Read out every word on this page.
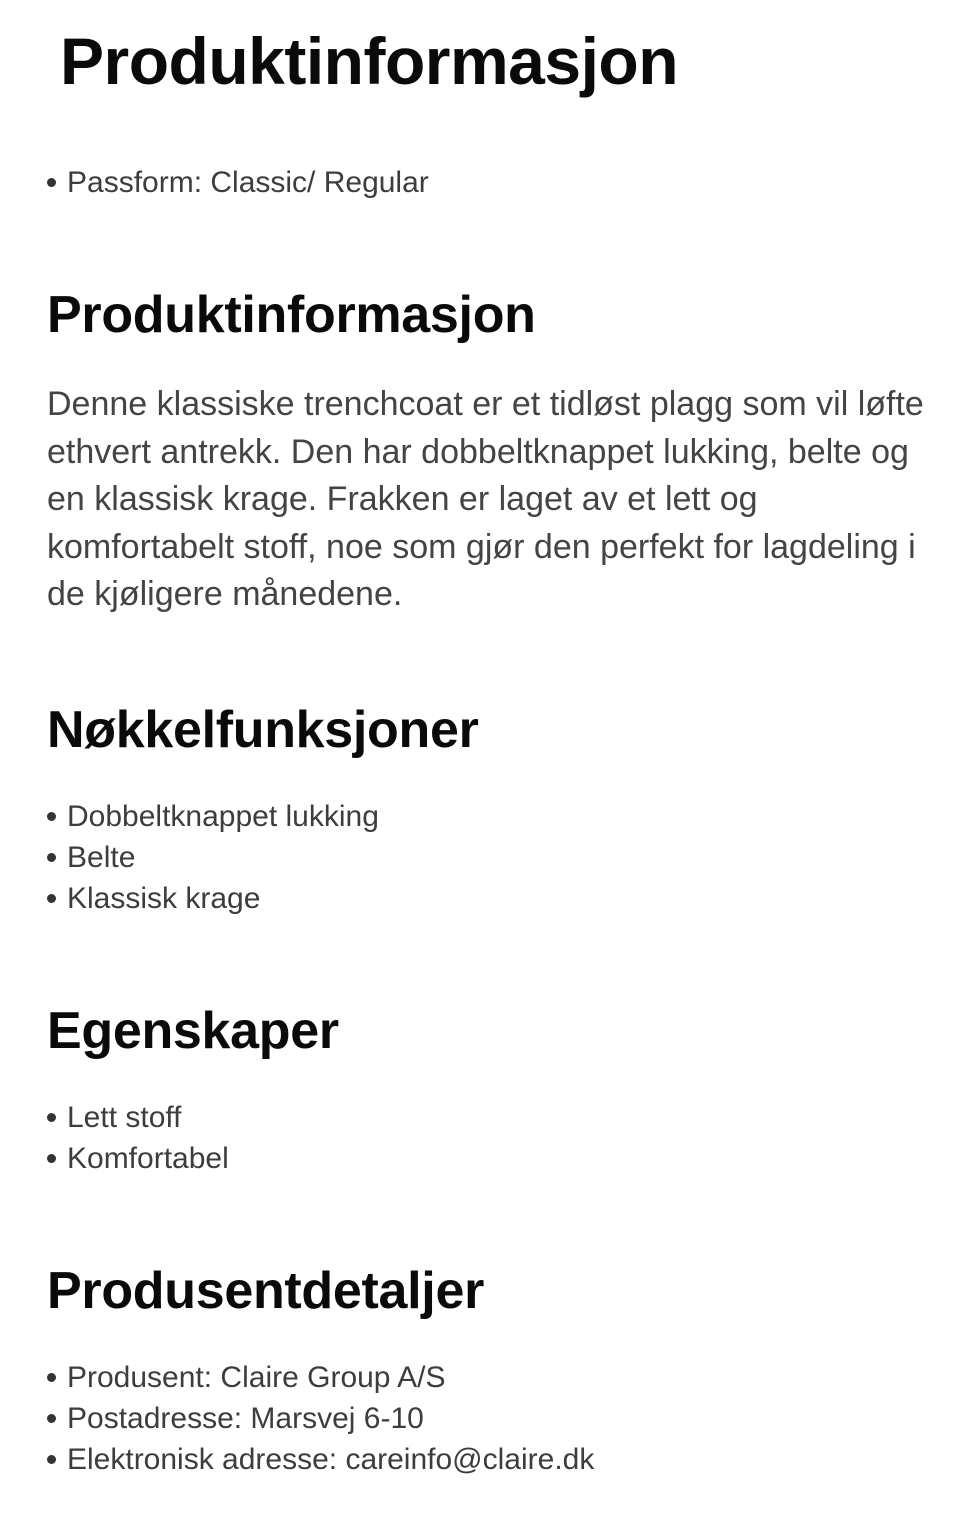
Produktinformasjon
Passform: Classic/ Regular
Produktinformasjon

Denne klassiske trenchcoat er et tidløst plagg som vil løfte ethvert antrekk. Den har dobbeltknappet lukking, belte og en klassisk krage. Frakken er laget av et lett og komfortabelt stoff, noe som gjør den perfekt for lagdeling i de kjøligere månedene.

Nøkkelfunksjoner
Dobbeltknappet lukking
Belte
Klassisk krage
Egenskaper
Lett stoff
Komfortabel
Produsentdetaljer
Produsent: Claire Group A/S
Postadresse: Marsvej 6-10
Elektronisk adresse: careinfo@claire.dk
